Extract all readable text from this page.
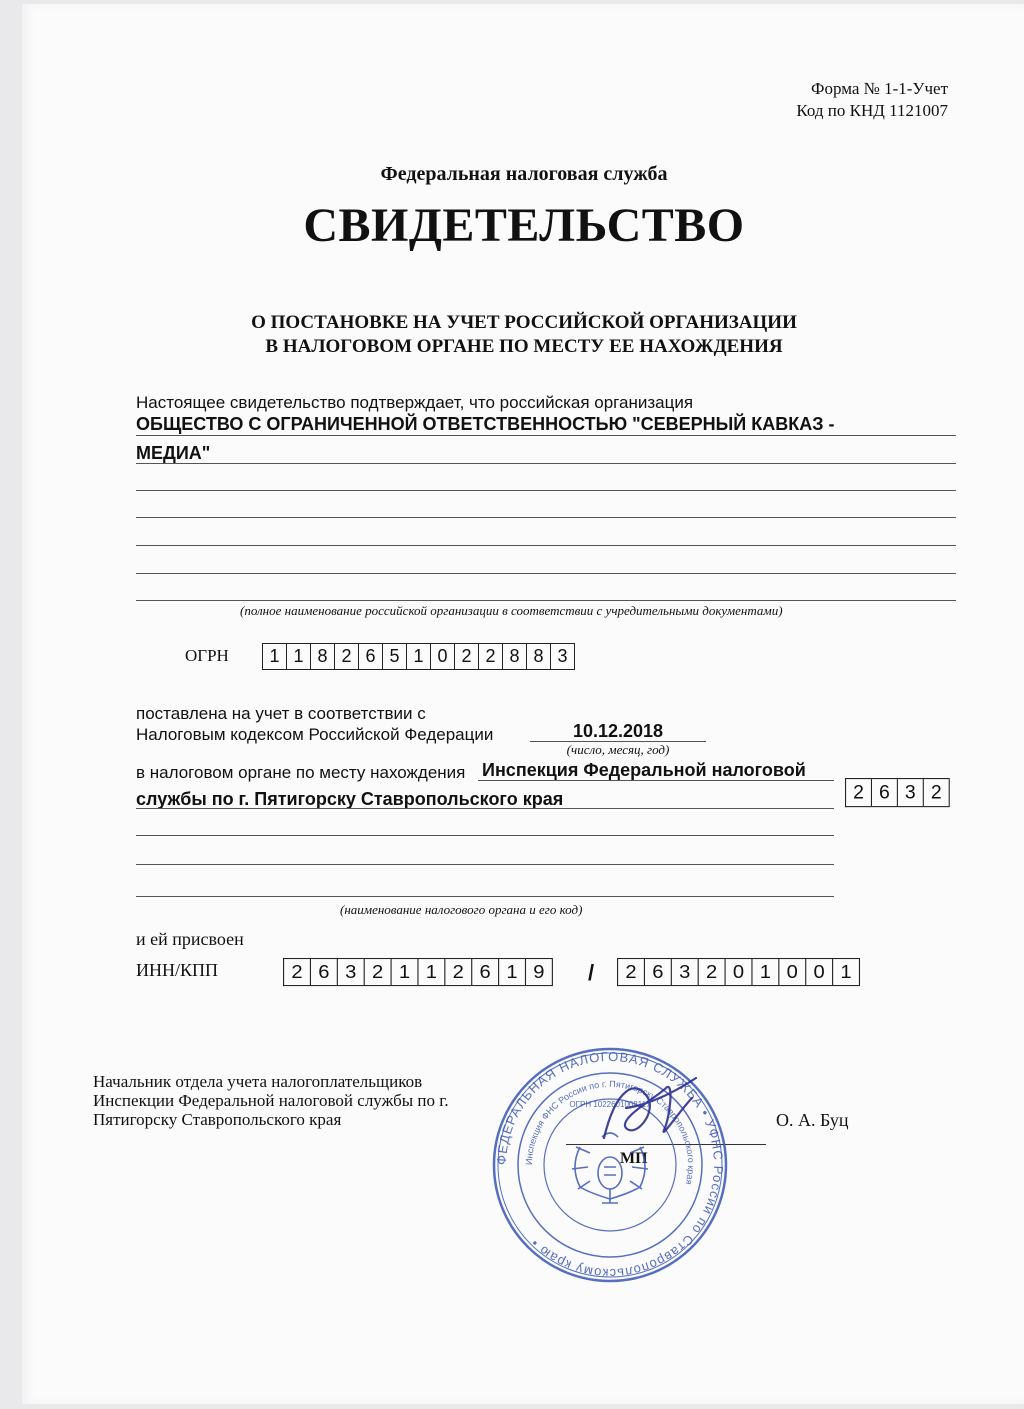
Форма № 1-1-Учет
Код по КНД 1121007
Федеральная налоговая служба
СВИДЕТЕЛЬСТВО
О ПОСТАНОВКЕ НА УЧЕТ РОССИЙСКОЙ ОРГАНИЗАЦИИ
В НАЛОГОВОМ ОРГАНЕ ПО МЕСТУ ЕЕ НАХОЖДЕНИЯ
Настоящее свидетельство подтверждает, что российская организация
ОБЩЕСТВО С ОГРАНИЧЕННОЙ ОТВЕТСТВЕННОСТЬЮ "СЕВЕРНЫЙ КАВКАЗ -
МЕДИА"
(полное наименование российской организации в соответствии с учредительными документами)
ОГРН	1 1 8 2 6 5 1 0 2 2 8 8 3
поставлена на учет в соответствии с
Налоговым кодексом Российской Федерации	10.12.2018
(число, месяц, год)
в налоговом органе по месту нахождения Инспекция Федеральной налоговой
службы по г. Пятигорску Ставропольского края	2 6 3 2
(наименование налогового органа и его код)
и ей присвоен
ИНН/КПП	2 6 3 2 1 1 2 6 1 9	/	2 6 3 2 0 1 0 0 1
Начальник отдела учета налогоплательщиков
Инспекции Федеральной налоговой службы по г.
Пятигорску Ставропольского края	О. А. Буц
МП
ФЕДЕРАЛЬНАЯ НАЛОГОВАЯ СЛУЖБА • УФНС России по Ставропольскому краю •
Инспекция ФНС России по г. Пятигорску Ставропольского края
ОГРН 1022601008117
